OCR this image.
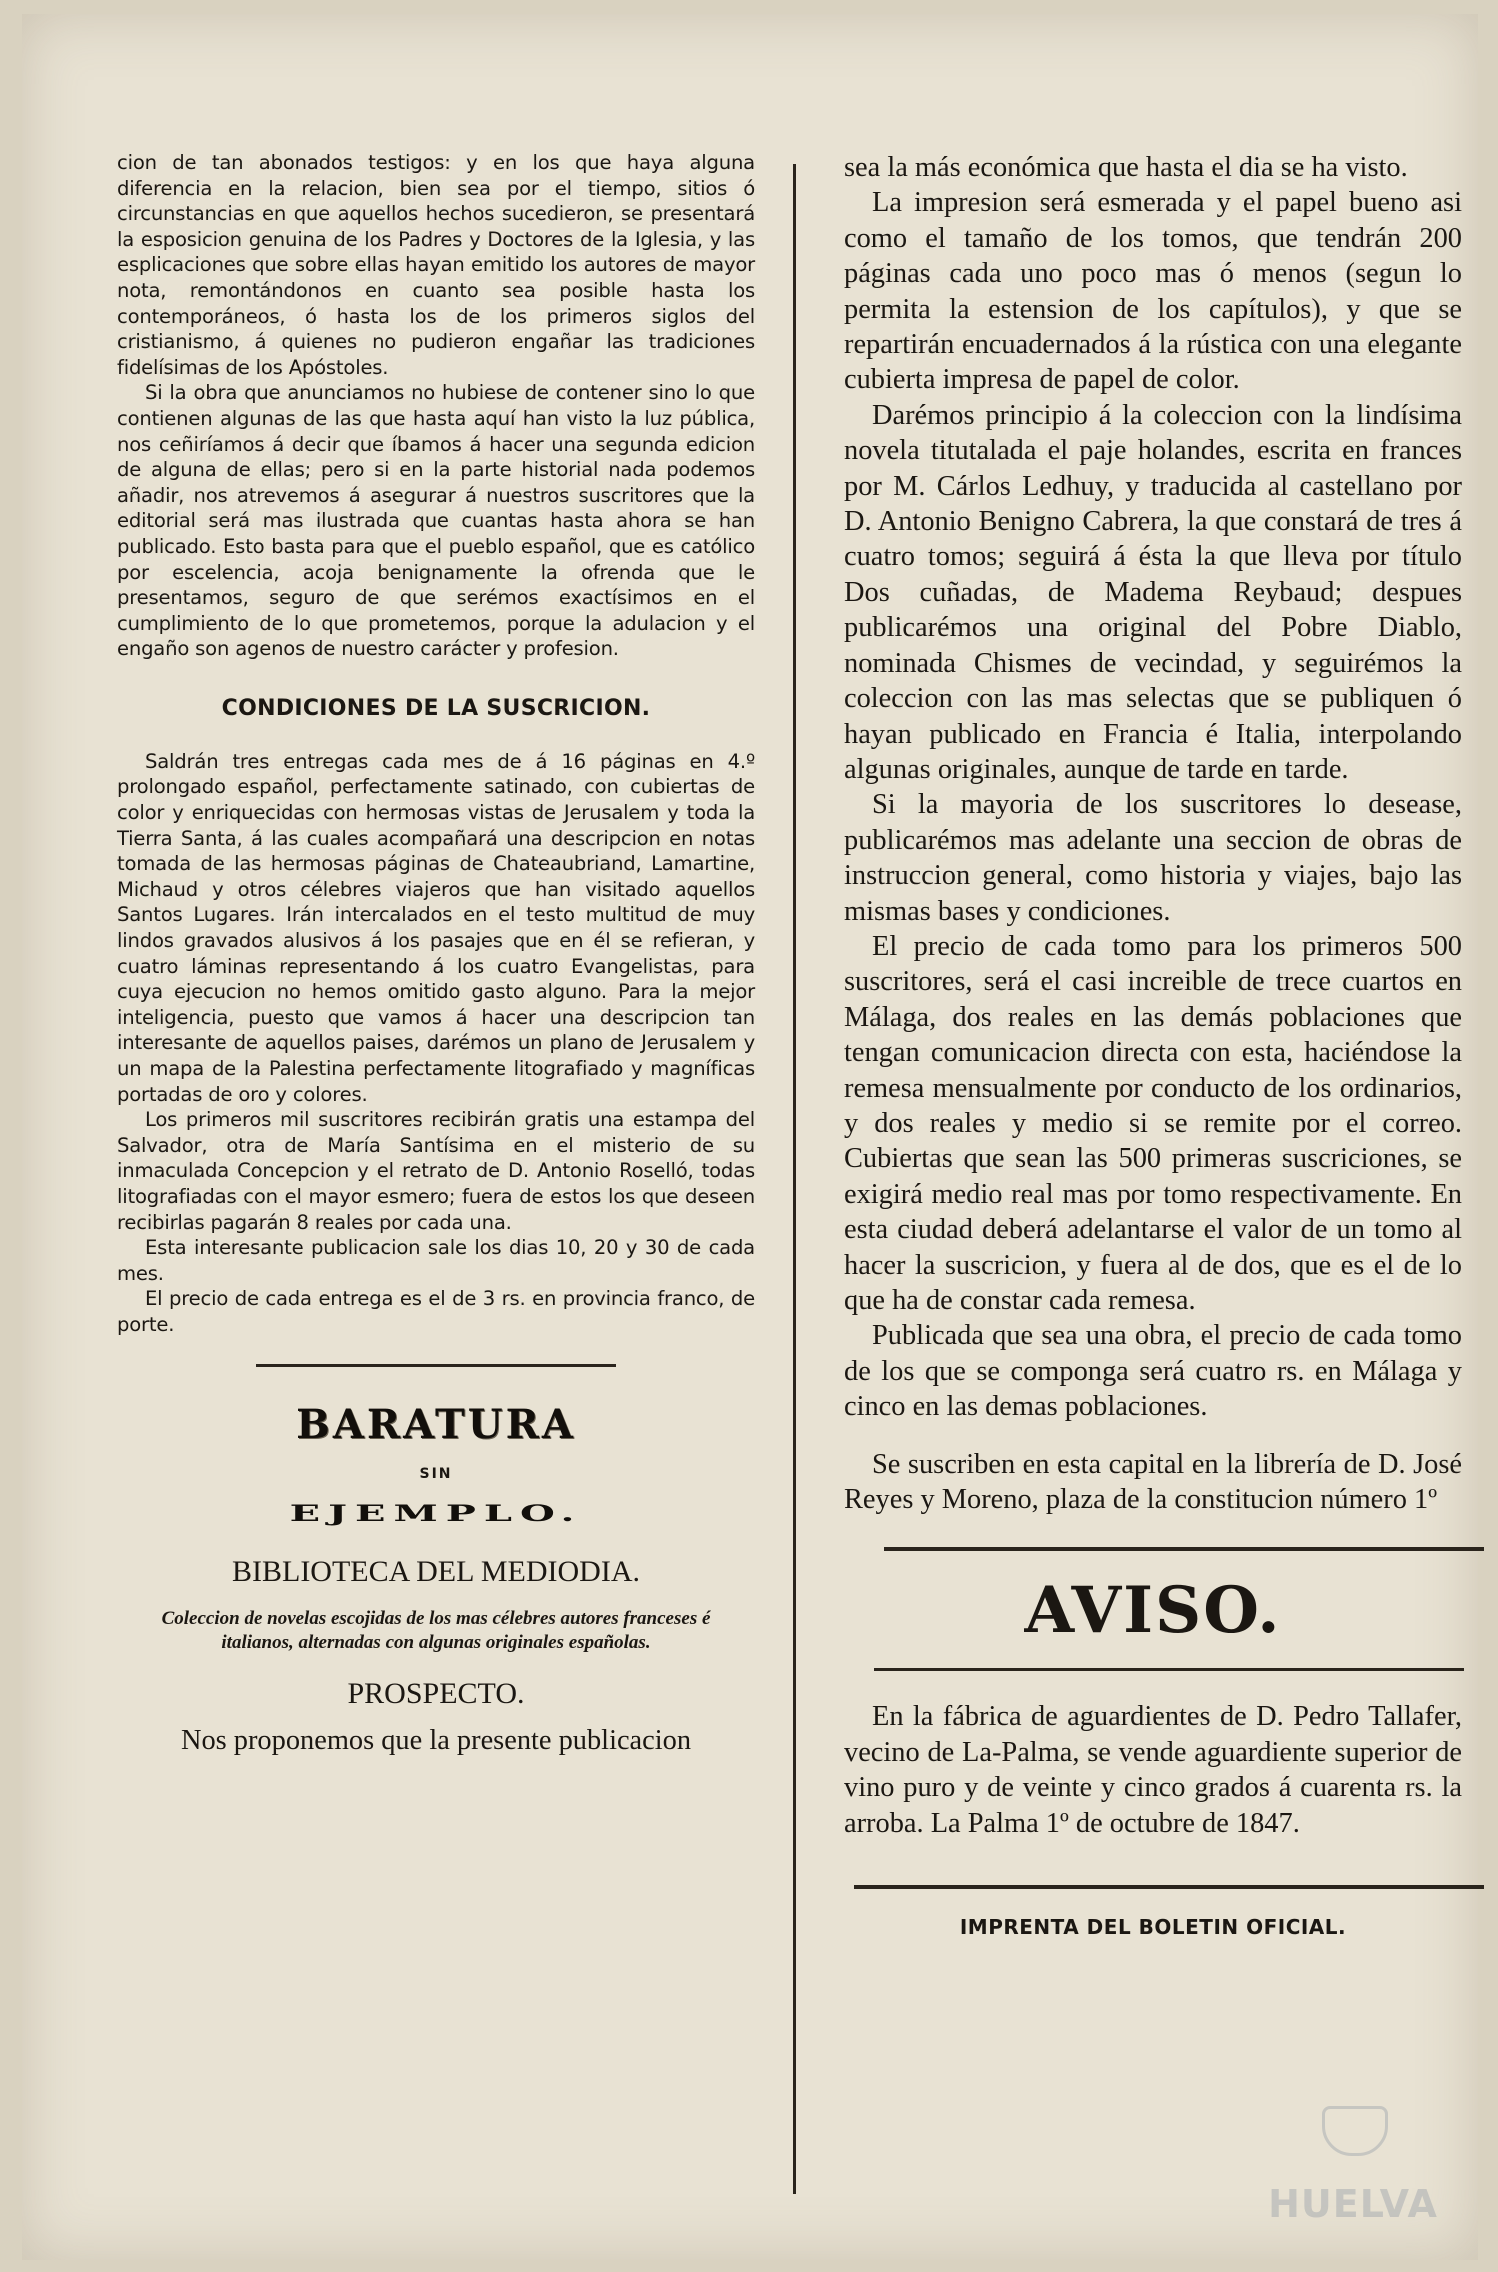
cion de tan abonados testigos: y en los que haya alguna diferencia en la relacion, bien sea por el tiempo, sitios ó circunstancias en que aquellos hechos sucedieron, se presentará la esposicion genuina de los Padres y Doctores de la Iglesia, y las esplicaciones que sobre ellas hayan emitido los autores de mayor nota, remontándonos en cuanto sea posible hasta los contemporáneos, ó hasta los de los primeros siglos del cristianismo, á quienes no pudieron engañar las tradiciones fidelísimas de los Apóstoles.

Si la obra que anunciamos no hubiese de contener sino lo que contienen algunas de las que hasta aquí han visto la luz pública, nos ceñiríamos á decir que íbamos á hacer una segunda edicion de alguna de ellas; pero si en la parte historial nada podemos añadir, nos atrevemos á asegurar á nuestros suscritores que la editorial será mas ilustrada que cuantas hasta ahora se han publicado. Esto basta para que el pueblo español, que es católico por escelencia, acoja benignamente la ofrenda que le presentamos, seguro de que serémos exactísimos en el cumplimiento de lo que prometemos, porque la adulacion y el engaño son agenos de nuestro carácter y profesion.

CONDICIONES DE LA SUSCRICION.

Saldrán tres entregas cada mes de á 16 páginas en 4.º prolongado español, perfectamente satinado, con cubiertas de color y enriquecidas con hermosas vistas de Jerusalem y toda la Tierra Santa, á las cuales acompañará una descripcion en notas tomada de las hermosas páginas de Chateaubriand, Lamartine, Michaud y otros célebres viajeros que han visitado aquellos Santos Lugares. Irán intercalados en el testo multitud de muy lindos gravados alusivos á los pasajes que en él se refieran, y cuatro láminas representando á los cuatro Evangelistas, para cuya ejecucion no hemos omitido gasto alguno. Para la mejor inteligencia, puesto que vamos á hacer una descripcion tan interesante de aquellos paises, darémos un plano de Jerusalem y un mapa de la Palestina perfectamente litografiado y magníficas portadas de oro y colores.

Los primeros mil suscritores recibirán gratis una estampa del Salvador, otra de María Santísima en el misterio de su inmaculada Concepcion y el retrato de D. Antonio Roselló, todas litografiadas con el mayor esmero; fuera de estos los que deseen recibirlas pagarán 8 reales por cada una.

Esta interesante publicacion sale los dias 10, 20 y 30 de cada mes.

El precio de cada entrega es el de 3 rs. en provincia franco, de porte.

BARATURA
SIN
EJEMPLO.
BIBLIOTECA DEL MEDIODIA.
Coleccion de novelas escojidas de los mas célebres autores franceses é italianos, alternadas con algunas originales españolas.
PROSPECTO.
Nos proponemos que la presente publicacion

sea la más económica que hasta el dia se ha visto.

La impresion será esmerada y el papel bueno asi como el tamaño de los tomos, que tendrán 200 páginas cada uno poco mas ó menos (segun lo permita la estension de los capítulos), y que se repartirán encuadernados á la rústica con una elegante cubierta impresa de papel de color.

Darémos principio á la coleccion con la lindísima novela titutalada el paje holandes, escrita en frances por M. Cárlos Ledhuy, y traducida al castellano por D. Antonio Benigno Cabrera, la que constará de tres á cuatro tomos; seguirá á ésta la que lleva por título Dos cuñadas, de Madema Reybaud; despues publicarémos una original del Pobre Diablo, nominada Chismes de vecindad, y seguirémos la coleccion con las mas selectas que se publiquen ó hayan publicado en Francia é Italia, interpolando algunas originales, aunque de tarde en tarde.

Si la mayoria de los suscritores lo desease, publicarémos mas adelante una seccion de obras de instruccion general, como historia y viajes, bajo las mismas bases y condiciones.

El precio de cada tomo para los primeros 500 suscritores, será el casi increible de trece cuartos en Málaga, dos reales en las demás poblaciones que tengan comunicacion directa con esta, haciéndose la remesa mensualmente por conducto de los ordinarios, y dos reales y medio si se remite por el correo. Cubiertas que sean las 500 primeras suscriciones, se exigirá medio real mas por tomo respectivamente. En esta ciudad deberá adelantarse el valor de un tomo al hacer la suscricion, y fuera al de dos, que es el de lo que ha de constar cada remesa.

Publicada que sea una obra, el precio de cada tomo de los que se componga será cuatro rs. en Málaga y cinco en las demas poblaciones.

Se suscriben en esta capital en la librería de D. José Reyes y Moreno, plaza de la constitucion número 1º

AVISO.

En la fábrica de aguardientes de D. Pedro Tallafer, vecino de La-Palma, se vende aguardiente superior de vino puro y de veinte y cinco grados á cuarenta rs. la arroba. La Palma 1º de octubre de 1847.

IMPRENTA DEL BOLETIN OFICIAL.
HUELVA
